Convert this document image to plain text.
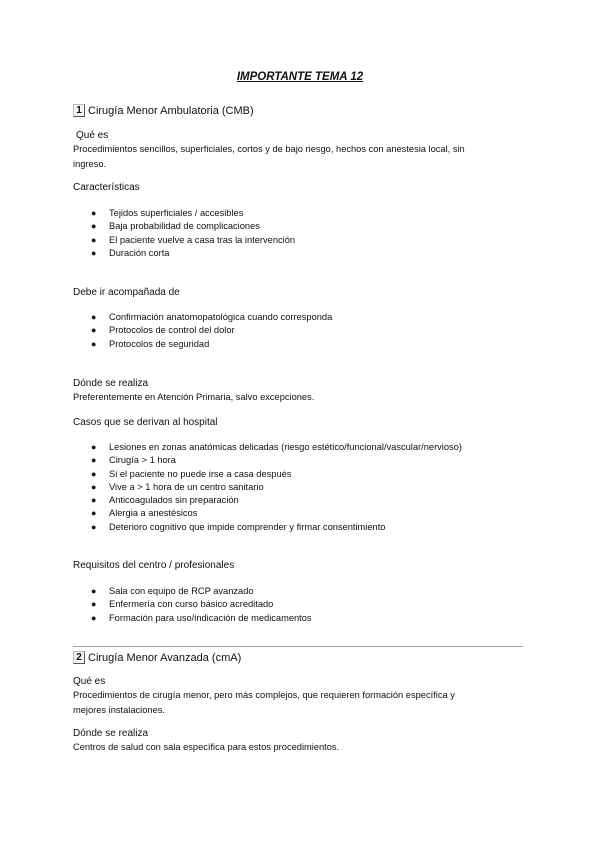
IMPORTANTE TEMA 12
1 Cirugía Menor Ambulatoria (CMB)
Qué es
Procedimientos sencillos, superficiales, cortos y de bajo riesgo, hechos con anestesia local, sin
ingreso.
Características
● Tejidos superficiales / accesibles
● Baja probabilidad de complicaciones
● El paciente vuelve a casa tras la intervención
● Duración corta
Debe ir acompañada de
● Confirmación anatomopatológica cuando corresponda
● Protocolos de control del dolor
● Protocolos de seguridad
Dónde se realiza
Preferentemente en Atención Primaria, salvo excepciones.
Casos que se derivan al hospital
● Lesiones en zonas anatómicas delicadas (riesgo estético/funcional/vascular/nervioso)
● Cirugía > 1 hora
● Si el paciente no puede irse a casa después
● Vive a > 1 hora de un centro sanitario
● Anticoagulados sin preparación
● Alergia a anestésicos
● Deterioro cognitivo que impide comprender y firmar consentimiento
Requisitos del centro / profesionales
● Sala con equipo de RCP avanzado
● Enfermería con curso básico acreditado
● Formación para uso/indicación de medicamentos
2 Cirugía Menor Avanzada (cmA)
Qué es
Procedimientos de cirugía menor, pero más complejos, que requieren formación específica y
mejores instalaciones.
Dónde se realiza
Centros de salud con sala específica para estos procedimientos.
